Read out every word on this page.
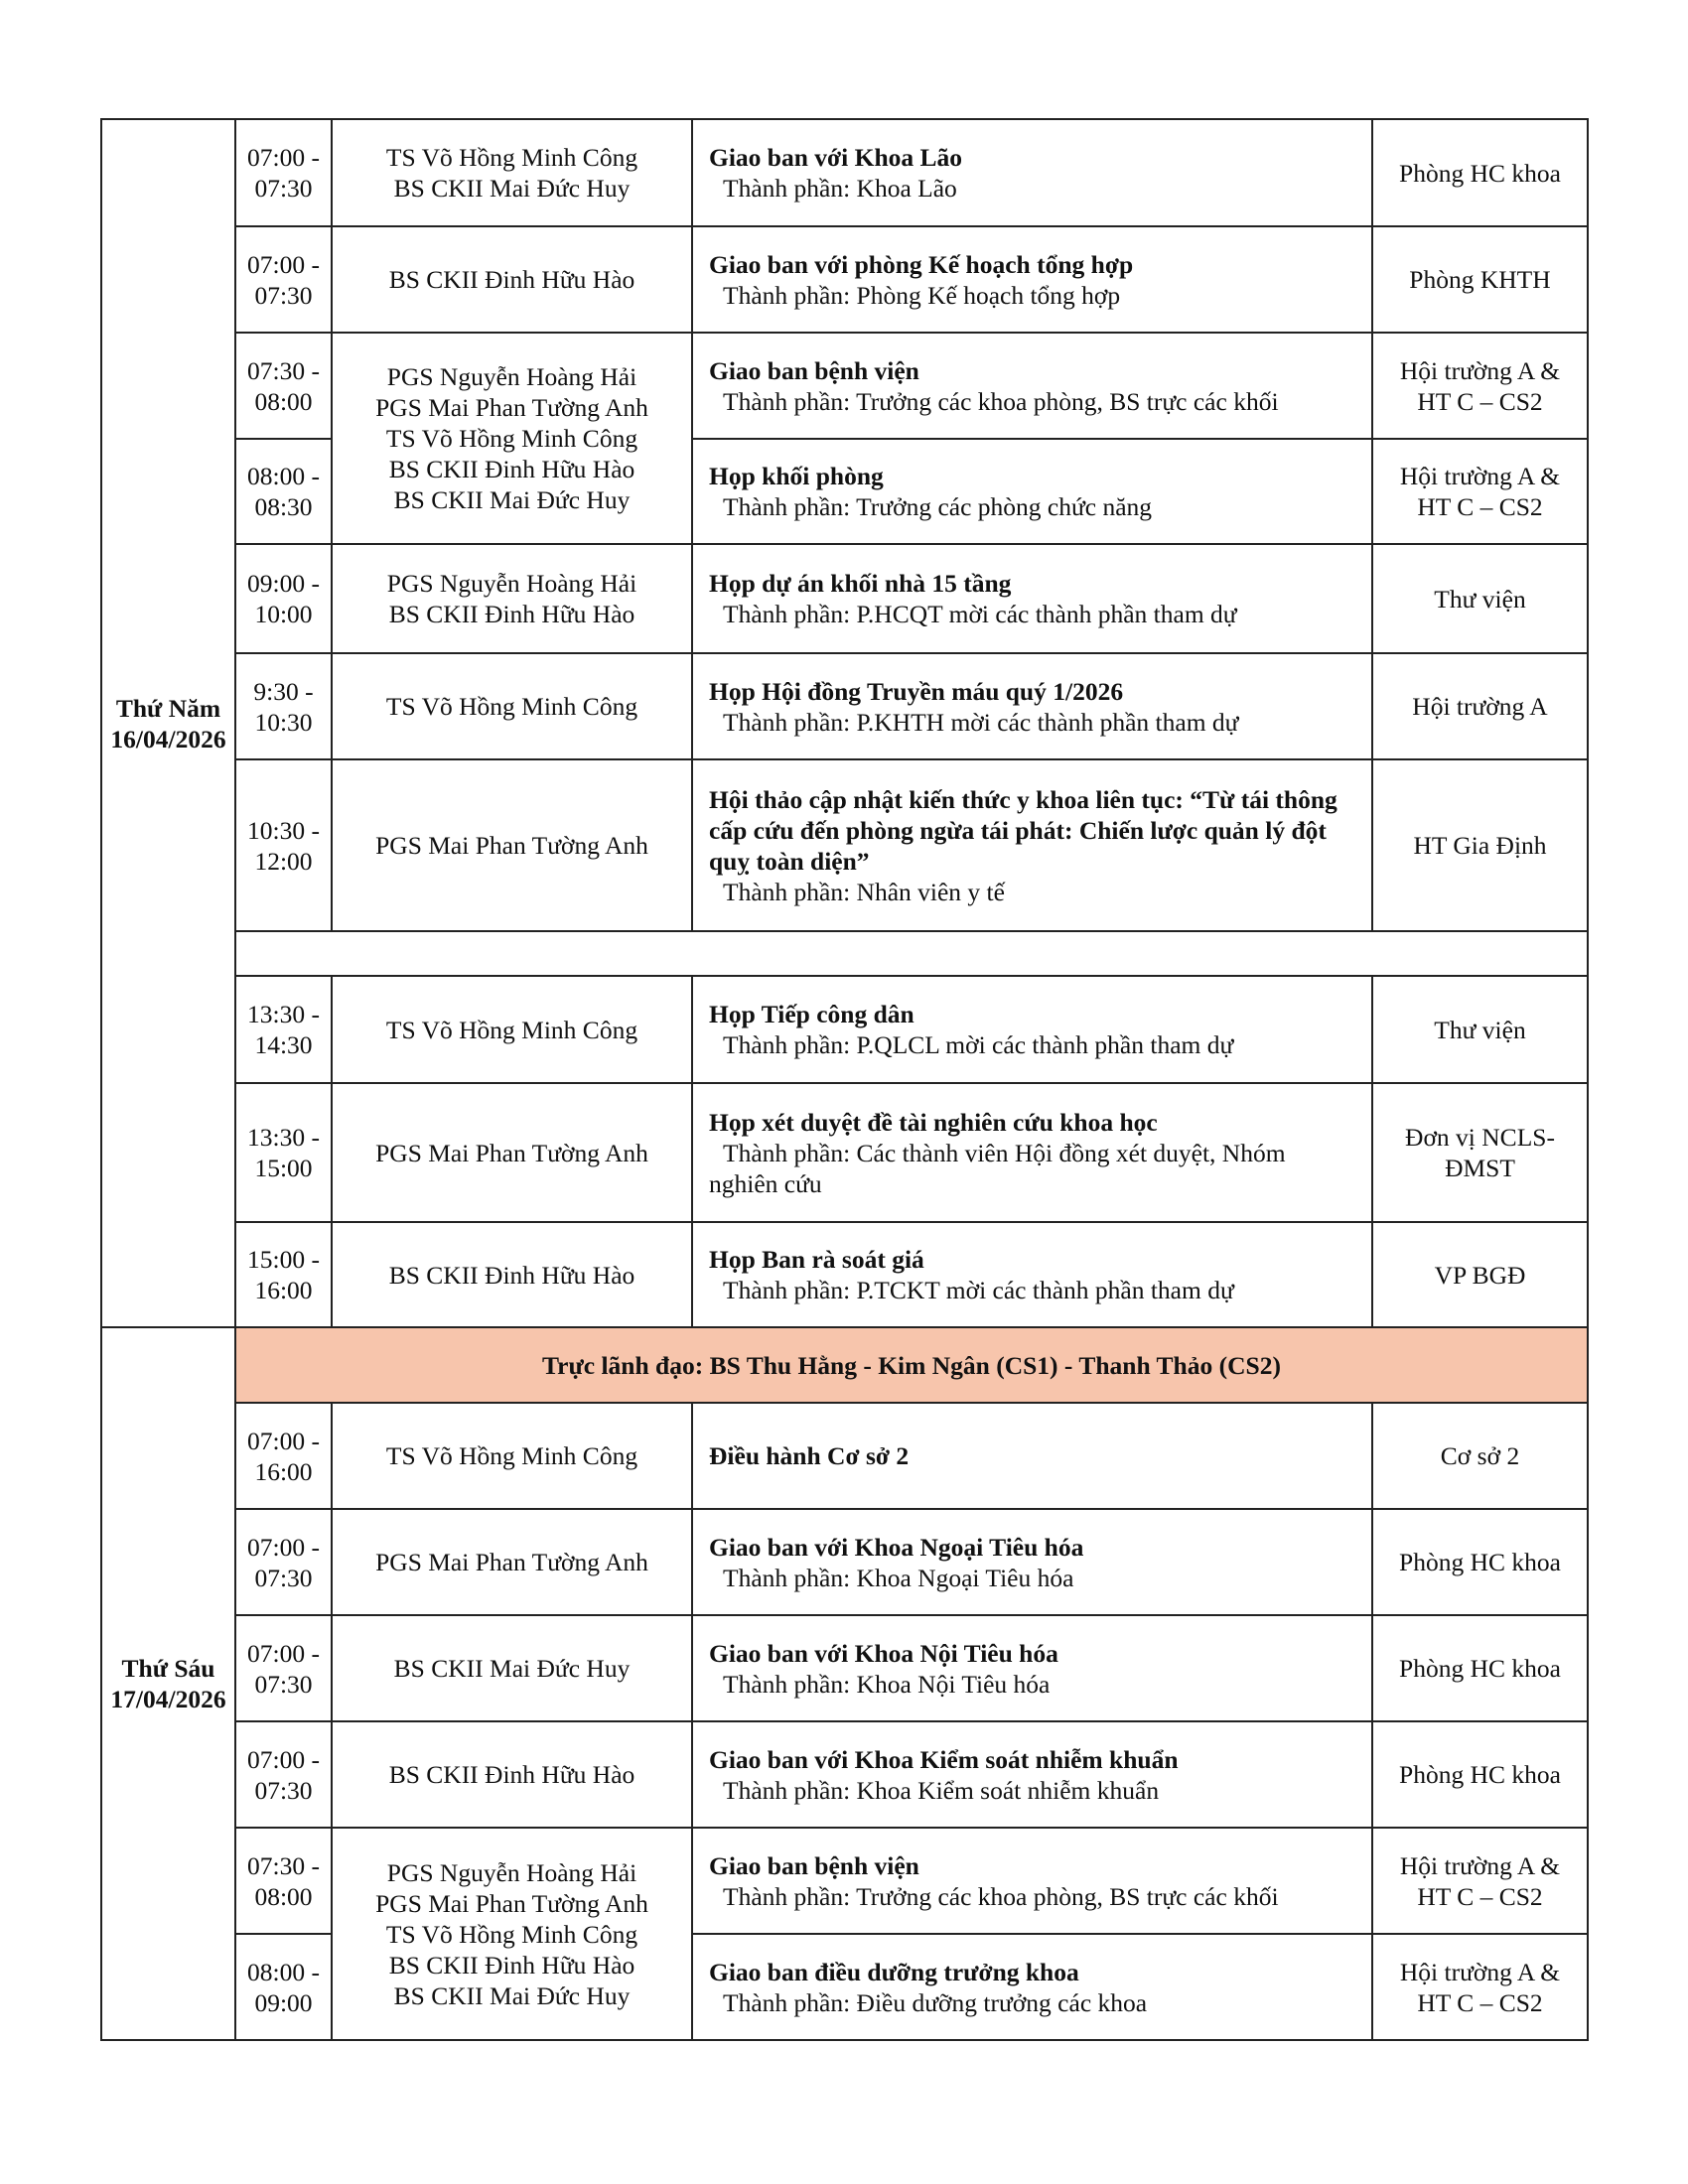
Thứ Năm
16/04/2026	07:00 -
07:30	TS Võ Hồng Minh Công
BS CKII Mai Đức Huy	Giao ban với Khoa Lão
Thành phần: Khoa Lão	Phòng HC khoa

	07:00 -
07:30	BS CKII Đinh Hữu Hào	Giao ban với phòng Kế hoạch tổng hợp
Thành phần: Phòng Kế hoạch tổng hợp	Phòng KHTH

	07:30 -
08:00	PGS Nguyễn Hoàng Hải
PGS Mai Phan Tường Anh
TS Võ Hồng Minh Công
BS CKII Đinh Hữu Hào
BS CKII Mai Đức Huy	Giao ban bệnh viện
Thành phần: Trưởng các khoa phòng, BS trực các khối	Hội trường A &
HT C – CS2

	08:00 -
08:30		Họp khối phòng
Thành phần: Trưởng các phòng chức năng	Hội trường A &
HT C – CS2

	09:00 -
10:00	PGS Nguyễn Hoàng Hải
BS CKII Đinh Hữu Hào	Họp dự án khối nhà 15 tầng
Thành phần: P.HCQT mời các thành phần tham dự	Thư viện

	9:30 -
10:30	TS Võ Hồng Minh Công	Họp Hội đồng Truyền máu quý 1/2026
Thành phần: P.KHTH mời các thành phần tham dự	Hội trường A

	10:30 -
12:00	PGS Mai Phan Tường Anh	Hội thảo cập nhật kiến thức y khoa liên tục: “Từ tái thông cấp cứu đến phòng ngừa tái phát: Chiến lược quản lý đột quỵ toàn diện”
Thành phần: Nhân viên y tế	HT Gia Định

	13:30 -
14:30	TS Võ Hồng Minh Công	Họp Tiếp công dân
Thành phần: P.QLCL mời các thành phần tham dự	Thư viện

	13:30 -
15:00	PGS Mai Phan Tường Anh	Họp xét duyệt đề tài nghiên cứu khoa học
Thành phần: Các thành viên Hội đồng xét duyệt, Nhóm nghiên cứu	Đơn vị NCLS-
ĐMST

	15:00 -
16:00	BS CKII Đinh Hữu Hào	Họp Ban rà soát giá
Thành phần: P.TCKT mời các thành phần tham dự	VP BGĐ

Thứ Sáu
17/04/2026	Trực lãnh đạo: BS Thu Hằng - Kim Ngân (CS1) - Thanh Thảo (CS2)			

	07:00 -
16:00	TS Võ Hồng Minh Công	Điều hành Cơ sở 2	Cơ sở 2

	07:00 -
07:30	PGS Mai Phan Tường Anh	Giao ban với Khoa Ngoại Tiêu hóa
Thành phần: Khoa Ngoại Tiêu hóa	Phòng HC khoa

	07:00 -
07:30	BS CKII Mai Đức Huy	Giao ban với Khoa Nội Tiêu hóa
Thành phần: Khoa Nội Tiêu hóa	Phòng HC khoa

	07:00 -
07:30	BS CKII Đinh Hữu Hào	Giao ban với Khoa Kiểm soát nhiễm khuẩn
Thành phần: Khoa Kiểm soát nhiễm khuẩn	Phòng HC khoa

	07:30 -
08:00	PGS Nguyễn Hoàng Hải
PGS Mai Phan Tường Anh
TS Võ Hồng Minh Công
BS CKII Đinh Hữu Hào
BS CKII Mai Đức Huy	Giao ban bệnh viện
Thành phần: Trưởng các khoa phòng, BS trực các khối	Hội trường A &
HT C – CS2

	08:00 -
09:00		Giao ban điều dưỡng trưởng khoa
Thành phần: Điều dưỡng trưởng các khoa	Hội trường A &
HT C – CS2
